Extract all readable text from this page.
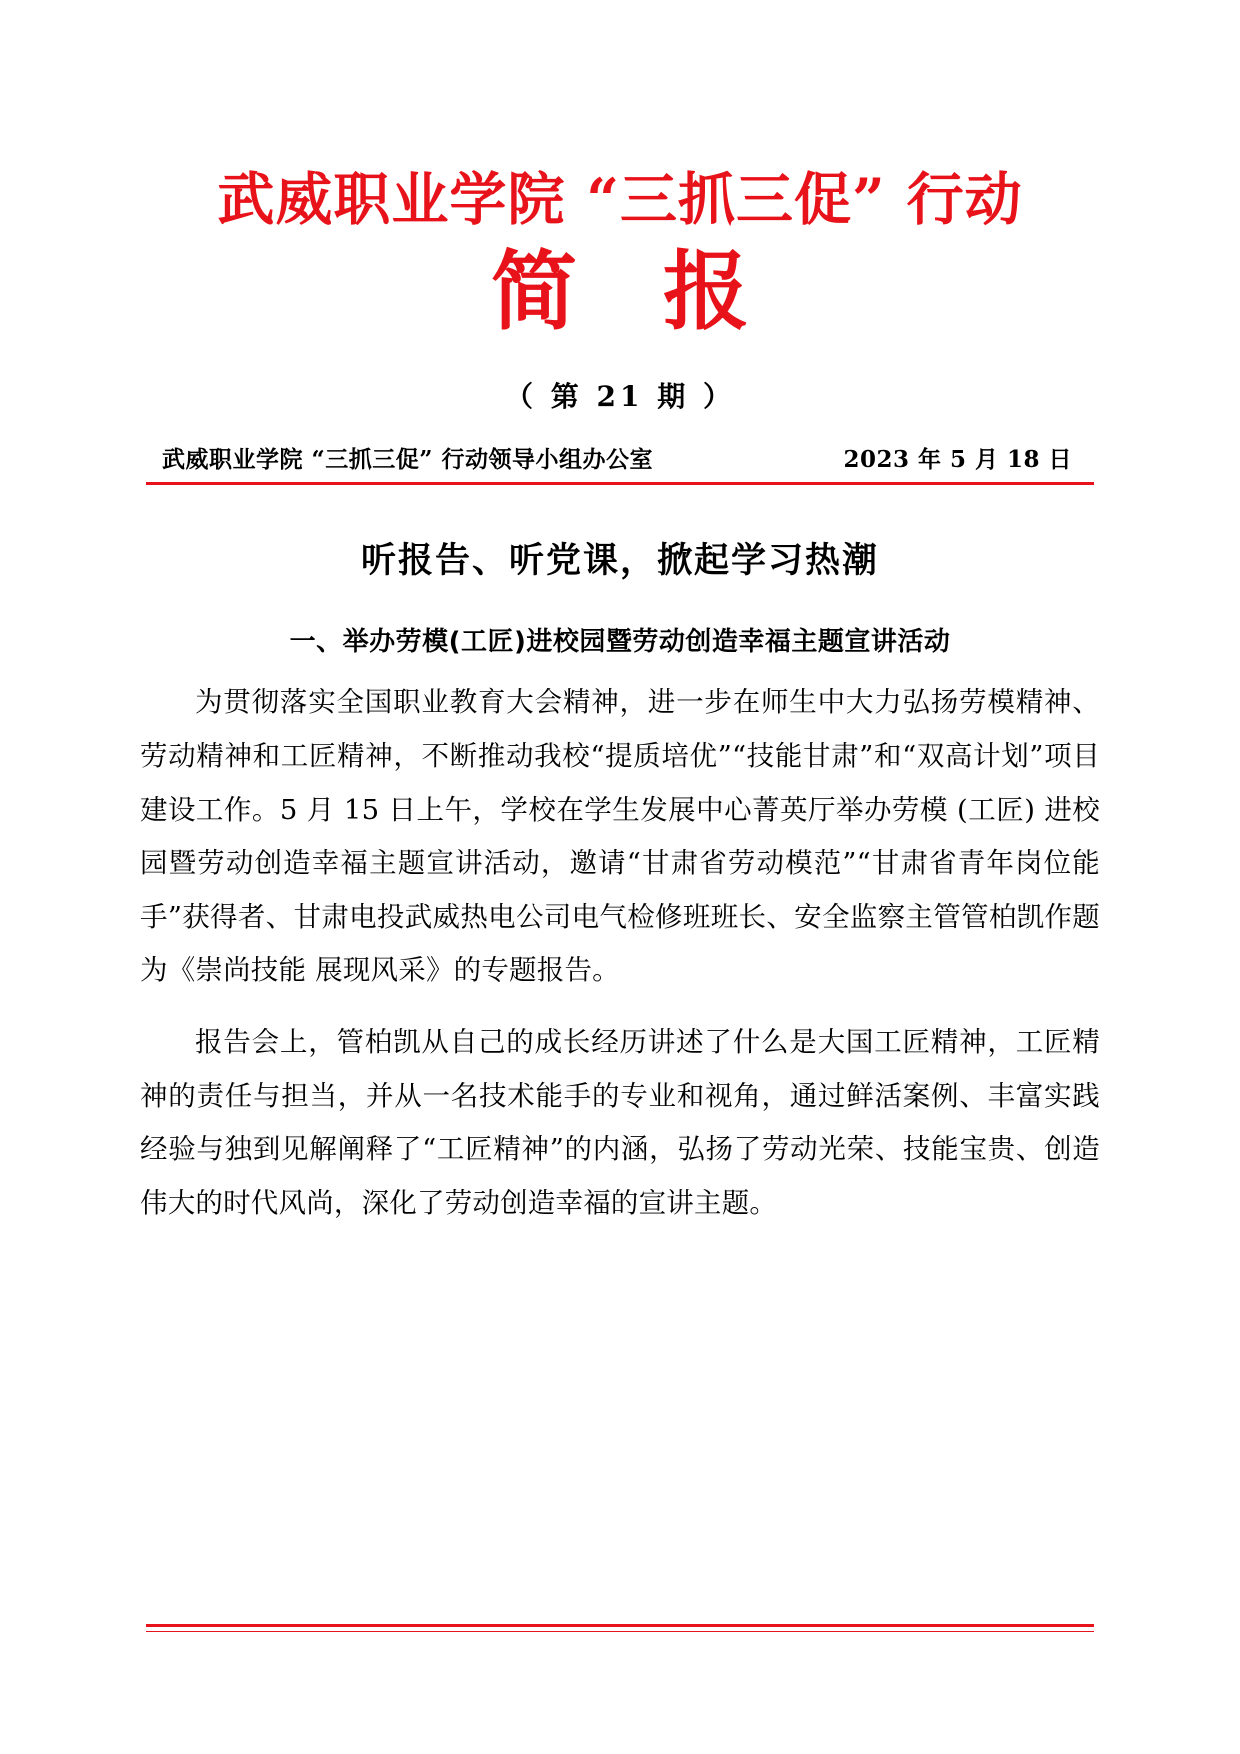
武威职业学院 “三抓三促” 行动
简 报
（ 第 21 期 ）
武威职业学院 “三抓三促” 行动领导小组办公室	2023 年 5 月 18 日
听报告、听党课，掀起学习热潮
一、举办劳模(工匠)进校园暨劳动创造幸福主题宣讲活动
为贯彻落实全国职业教育大会精神，进一步在师生中大力弘扬劳模精神、劳动精神和工匠精神，不断推动我校“提质培优”“技能甘肃”和“双高计划”项目建设工作。5 月 15 日上午，学校在学生发展中心菁英厅举办劳模 (工匠) 进校园暨劳动创造幸福主题宣讲活动，邀请“甘肃省劳动模范”“甘肃省青年岗位能手”获得者、甘肃电投武威热电公司电气检修班班长、安全监察主管管柏凯作题为《崇尚技能 展现风采》的专题报告。
报告会上，管柏凯从自己的成长经历讲述了什么是大国工匠精神，工匠精神的责任与担当，并从一名技术能手的专业和视角，通过鲜活案例、丰富实践经验与独到见解阐释了“工匠精神”的内涵，弘扬了劳动光荣、技能宝贵、创造伟大的时代风尚，深化了劳动创造幸福的宣讲主题。
